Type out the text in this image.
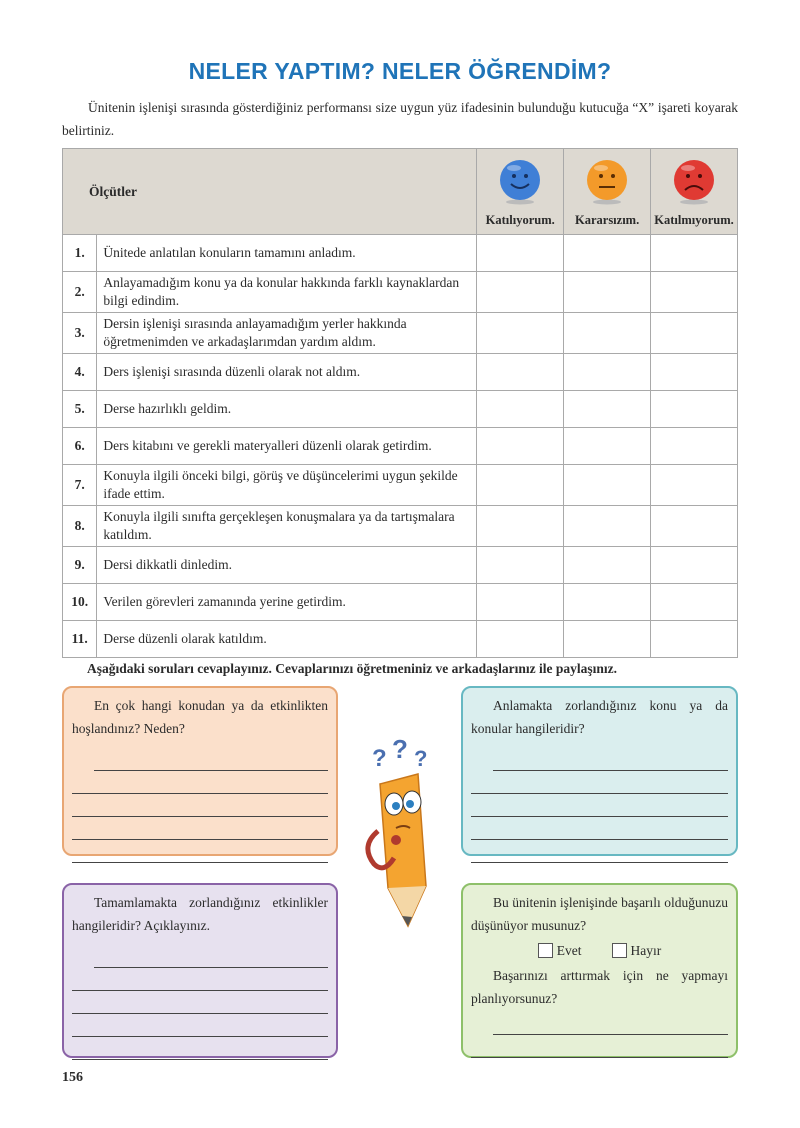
NELER YAPTIM? NELER ÖĞRENDİM?

Ünitenin işlenişi sırasında gösterdiğiniz performansı size uygun yüz ifadesinin bulunduğu kutucuğa “X” işareti koyarak belirtiniz.

Ölçütler		Katılıyorum.	Kararsızım.	Katılmıyorum.
1.	Ünitede anlatılan konuların tamamını anladım.			
2.	Anlayamadığım konu ya da konular hakkında farklı kaynaklardan bilgi edindim.			
3.	Dersin işlenişi sırasında anlayamadığım yerler hakkında öğretmenimden ve arkadaşlarımdan yardım aldım.			
4.	Ders işlenişi sırasında düzenli olarak not aldım.			
5.	Derse hazırlıklı geldim.			
6.	Ders kitabını ve gerekli materyalleri düzenli olarak getirdim.			
7.	Konuyla ilgili önceki bilgi, görüş ve düşüncelerimi uygun şekilde ifade ettim.			
8.	Konuyla ilgili sınıfta gerçekleşen konuşmalara ya da tartışmalara katıldım.			
9.	Dersi dikkatli dinledim.			
10.	Verilen görevleri zamanında yerine getirdim.			
11.	Derse düzenli olarak katıldım.			
Aşağıdaki soruları cevaplayınız. Cevaplarınızı öğretmeniniz ve arkadaşlarınız ile paylaşınız.

En çok hangi konudan ya da etkinlikten hoşlandınız? Neden?

Anlamakta zorlandığınız konu ya da konular hangileridir?

? ? ?

Tamamlamakta zorlandığınız etkinlikler hangileridir? Açıklayınız.

Bu ünitenin işlenişinde başarılı olduğunuzu düşünüyor musunuz?

Evet	Hayır

Başarınızı arttırmak için ne yapmayı planlıyorsunuz?

156
